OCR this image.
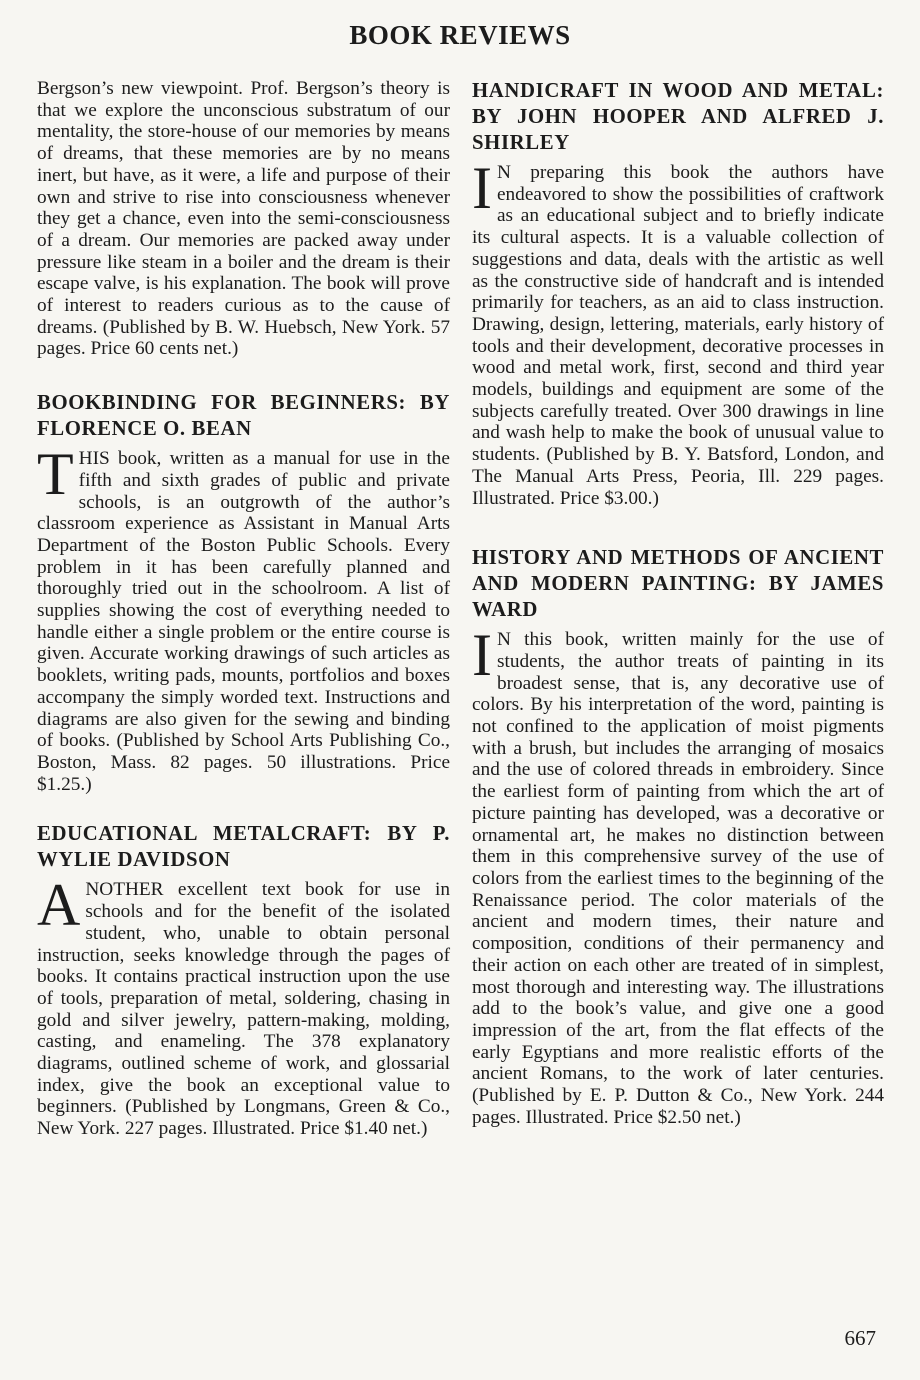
BOOK REVIEWS

Bergson’s new viewpoint. Prof. Bergson’s theory is that we explore the unconscious substratum of our mentality, the store-house of our memories by means of dreams, that these memories are by no means inert, but have, as it were, a life and purpose of their own and strive to rise into consciousness whenever they get a chance, even into the semi-consciousness of a dream. Our memories are packed away under pressure like steam in a boiler and the dream is their escape valve, is his explanation. The book will prove of interest to readers curious as to the cause of dreams. (Published by B. W. Huebsch, New York. 57 pages. Price 60 cents net.)

BOOKBINDING FOR BEGINNERS: BY FLORENCE O. BEAN

THIS book, written as a manual for use in the fifth and sixth grades of public and private schools, is an outgrowth of the author’s classroom experience as Assistant in Manual Arts Department of the Boston Public Schools. Every problem in it has been carefully planned and thoroughly tried out in the schoolroom. A list of supplies showing the cost of everything needed to handle either a single problem or the entire course is given. Accurate working drawings of such articles as booklets, writing pads, mounts, portfolios and boxes accompany the simply worded text. Instructions and diagrams are also given for the sewing and binding of books. (Published by School Arts Publishing Co., Boston, Mass. 82 pages. 50 illustrations. Price $1.25.)

EDUCATIONAL METALCRAFT: BY P. WYLIE DAVIDSON

ANOTHER excellent text book for use in schools and for the benefit of the isolated student, who, unable to obtain personal instruction, seeks knowledge through the pages of books. It contains practical instruction upon the use of tools, preparation of metal, soldering, chasing in gold and silver jewelry, pattern-making, molding, casting, and enameling. The 378 explanatory diagrams, outlined scheme of work, and glossarial index, give the book an exceptional value to beginners. (Published by Longmans, Green & Co., New York. 227 pages. Illustrated. Price $1.40 net.)

HANDICRAFT IN WOOD AND METAL: BY JOHN HOOPER AND ALFRED J. SHIRLEY

I N preparing this book the authors have endeavored to show the possibilities of craftwork as an educational subject and to briefly indicate its cultural aspects. It is a valuable collection of suggestions and data, deals with the artistic as well as the constructive side of handcraft and is intended primarily for teachers, as an aid to class instruction. Drawing, design, lettering, materials, early history of tools and their development, decorative processes in wood and metal work, first, second and third year models, buildings and equipment are some of the subjects carefully treated. Over 300 drawings in line and wash help to make the book of unusual value to students. (Published by B. Y. Batsford, London, and The Manual Arts Press, Peoria, Ill. 229 pages. Illustrated. Price $3.00.)

HISTORY AND METHODS OF ANCIENT AND MODERN PAINTING: BY JAMES WARD

I N this book, written mainly for the use of students, the author treats of painting in its broadest sense, that is, any decorative use of colors. By his interpretation of the word, painting is not confined to the application of moist pigments with a brush, but includes the arranging of mosaics and the use of colored threads in embroidery. Since the earliest form of painting from which the art of picture painting has developed, was a decorative or ornamental art, he makes no distinction between them in this comprehensive survey of the use of colors from the earliest times to the beginning of the Renaissance period. The color materials of the ancient and modern times, their nature and composition, conditions of their permanency and their action on each other are treated of in simplest, most thorough and interesting way. The illustrations add to the book’s value, and give one a good impression of the art, from the flat effects of the early Egyptians and more realistic efforts of the ancient Romans, to the work of later centuries. (Published by E. P. Dutton & Co., New York. 244 pages. Illustrated. Price $2.50 net.)

667
